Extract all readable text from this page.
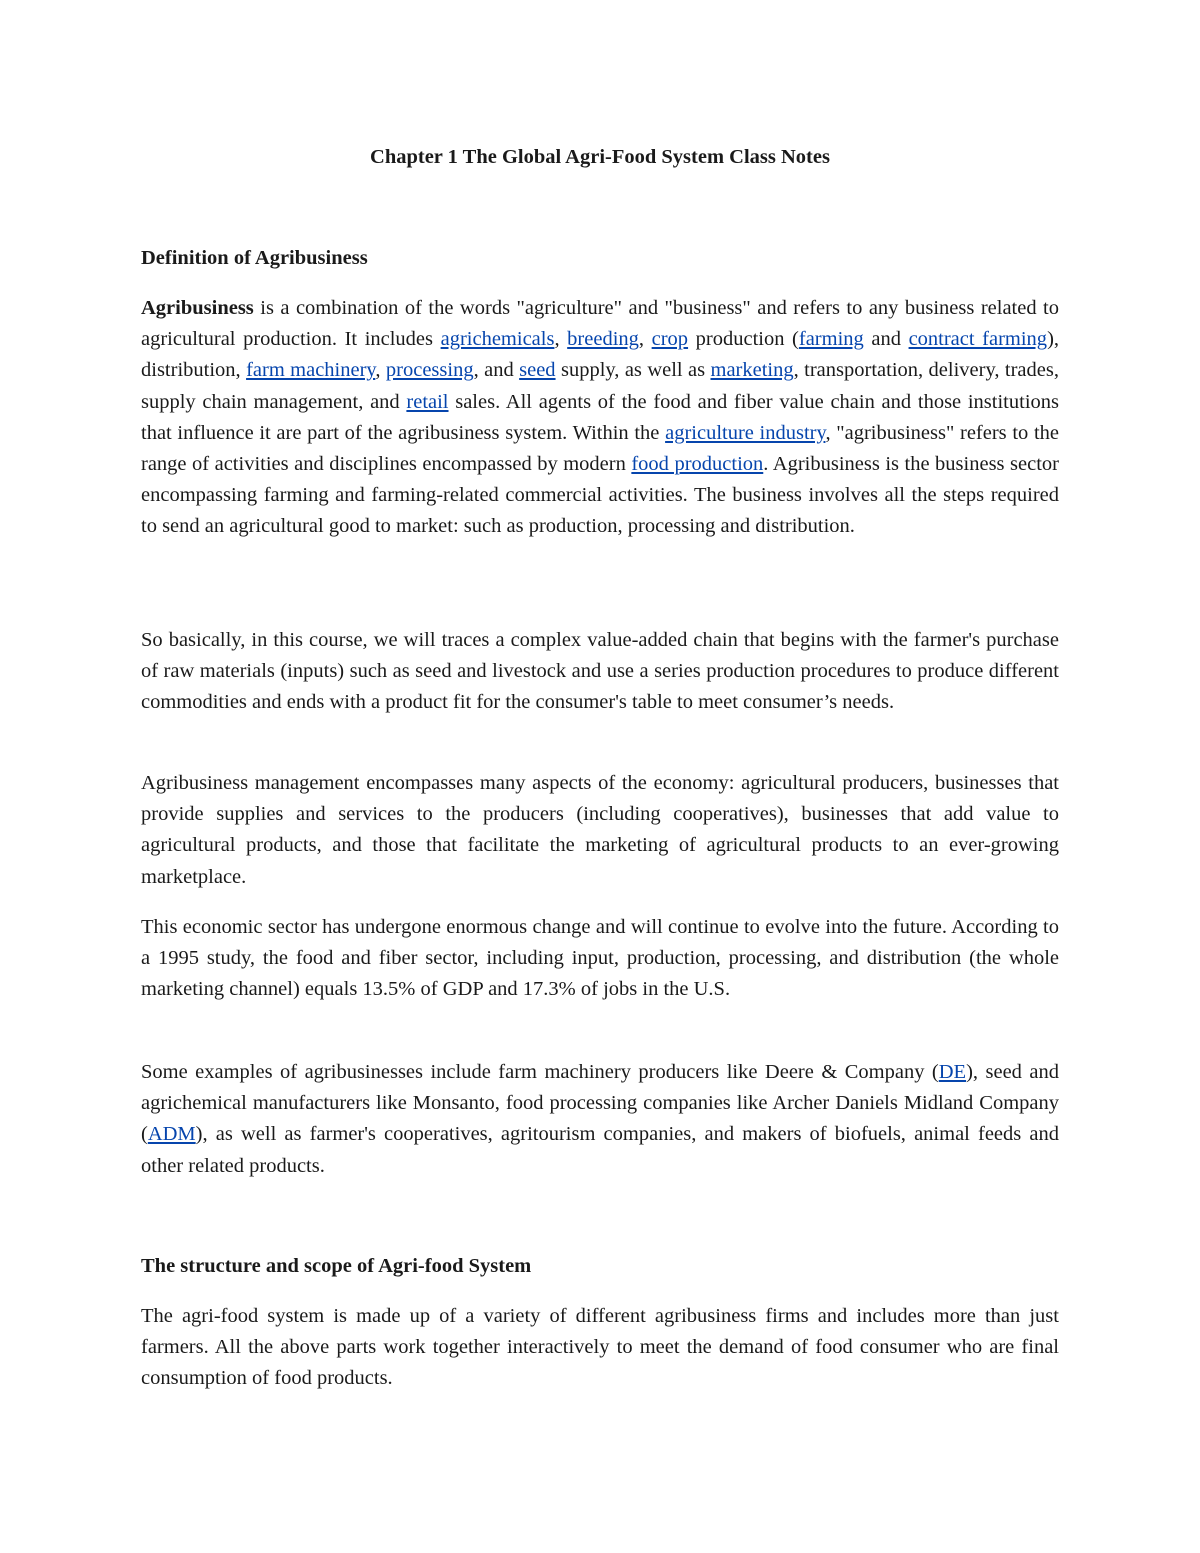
Chapter 1 The Global Agri-Food System Class Notes
Definition of Agribusiness

Agribusiness is a combination of the words "agriculture" and "business" and refers to any business related to agricultural production. It includes agrichemicals, breeding, crop production (farming and contract farming), distribution, farm machinery, processing, and seed supply, as well as marketing, transportation, delivery, trades, supply chain management, and retail sales. All agents of the food and fiber value chain and those institutions that influence it are part of the agribusiness system. Within the agriculture industry, "agribusiness" refers to the range of activities and disciplines encompassed by modern food production. Agribusiness is the business sector encompassing farming and farming-related commercial activities. The business involves all the steps required to send an agricultural good to market: such as production, processing and distribution.

So basically, in this course, we will traces a complex value-added chain that begins with the farmer's purchase of raw materials (inputs) such as seed and livestock and use a series production procedures to produce different commodities and ends with a product fit for the consumer's table to meet consumer’s needs.

Agribusiness management encompasses many aspects of the economy: agricultural producers, businesses that provide supplies and services to the producers (including cooperatives), businesses that add value to agricultural products, and those that facilitate the marketing of agricultural products to an ever-growing marketplace.

This economic sector has undergone enormous change and will continue to evolve into the future. According to a 1995 study, the food and fiber sector, including input, production, processing, and distribution (the whole marketing channel) equals 13.5% of GDP and 17.3% of jobs in the U.S.

Some examples of agribusinesses include farm machinery producers like Deere & Company (DE), seed and agrichemical manufacturers like Monsanto, food processing companies like Archer Daniels Midland Company (ADM), as well as farmer's cooperatives, agritourism companies, and makers of biofuels, animal feeds and other related products.

The structure and scope of Agri-food System

The agri-food system is made up of a variety of different agribusiness firms and includes more than just farmers. All the above parts work together interactively to meet the demand of food consumer who are final consumption of food products.
